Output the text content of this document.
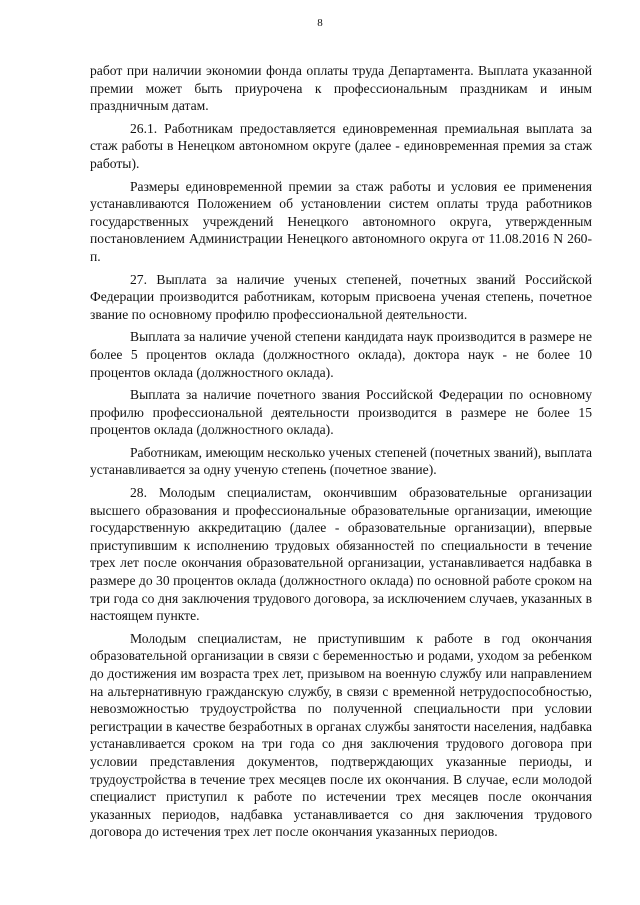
8

работ при наличии экономии фонда оплаты труда Департамента. Выплата указанной премии может быть приурочена к профессиональным праздникам и иным праздничным датам.

26.1. Работникам предоставляется единовременная премиальная выплата за стаж работы в Ненецком автономном округе (далее - единовременная премия за стаж работы).

Размеры единовременной премии за стаж работы и условия ее применения устанавливаются Положением об установлении систем оплаты труда работников государственных учреждений Ненецкого автономного округа, утвержденным постановлением Администрации Ненецкого автономного округа от 11.08.2016 N 260-п.

27. Выплата за наличие ученых степеней, почетных званий Российской Федерации производится работникам, которым присвоена ученая степень, почетное звание по основному профилю профессиональной деятельности.

Выплата за наличие ученой степени кандидата наук производится в размере не более 5 процентов оклада (должностного оклада), доктора наук - не более 10 процентов оклада (должностного оклада).

Выплата за наличие почетного звания Российской Федерации по основному профилю профессиональной деятельности производится в размере не более 15 процентов оклада (должностного оклада).

Работникам, имеющим несколько ученых степеней (почетных званий), выплата устанавливается за одну ученую степень (почетное звание).

28. Молодым специалистам, окончившим образовательные организации высшего образования и профессиональные образовательные организации, имеющие государственную аккредитацию (далее - образовательные организации), впервые приступившим к исполнению трудовых обязанностей по специальности в течение трех лет после окончания образовательной организации, устанавливается надбавка в размере до 30 процентов оклада (должностного оклада) по основной работе сроком на три года со дня заключения трудового договора, за исключением случаев, указанных в настоящем пункте.

Молодым специалистам, не приступившим к работе в год окончания образовательной организации в связи с беременностью и родами, уходом за ребенком до достижения им возраста трех лет, призывом на военную службу или направлением на альтернативную гражданскую службу, в связи с временной нетрудоспособностью, невозможностью трудоустройства по полученной специальности при условии регистрации в качестве безработных в органах службы занятости населения, надбавка устанавливается сроком на три года со дня заключения трудового договора при условии представления документов, подтверждающих указанные периоды, и трудоустройства в течение трех месяцев после их окончания. В случае, если молодой специалист приступил к работе по истечении трех месяцев после окончания указанных периодов, надбавка устанавливается со дня заключения трудового договора до истечения трех лет после окончания указанных периодов.
